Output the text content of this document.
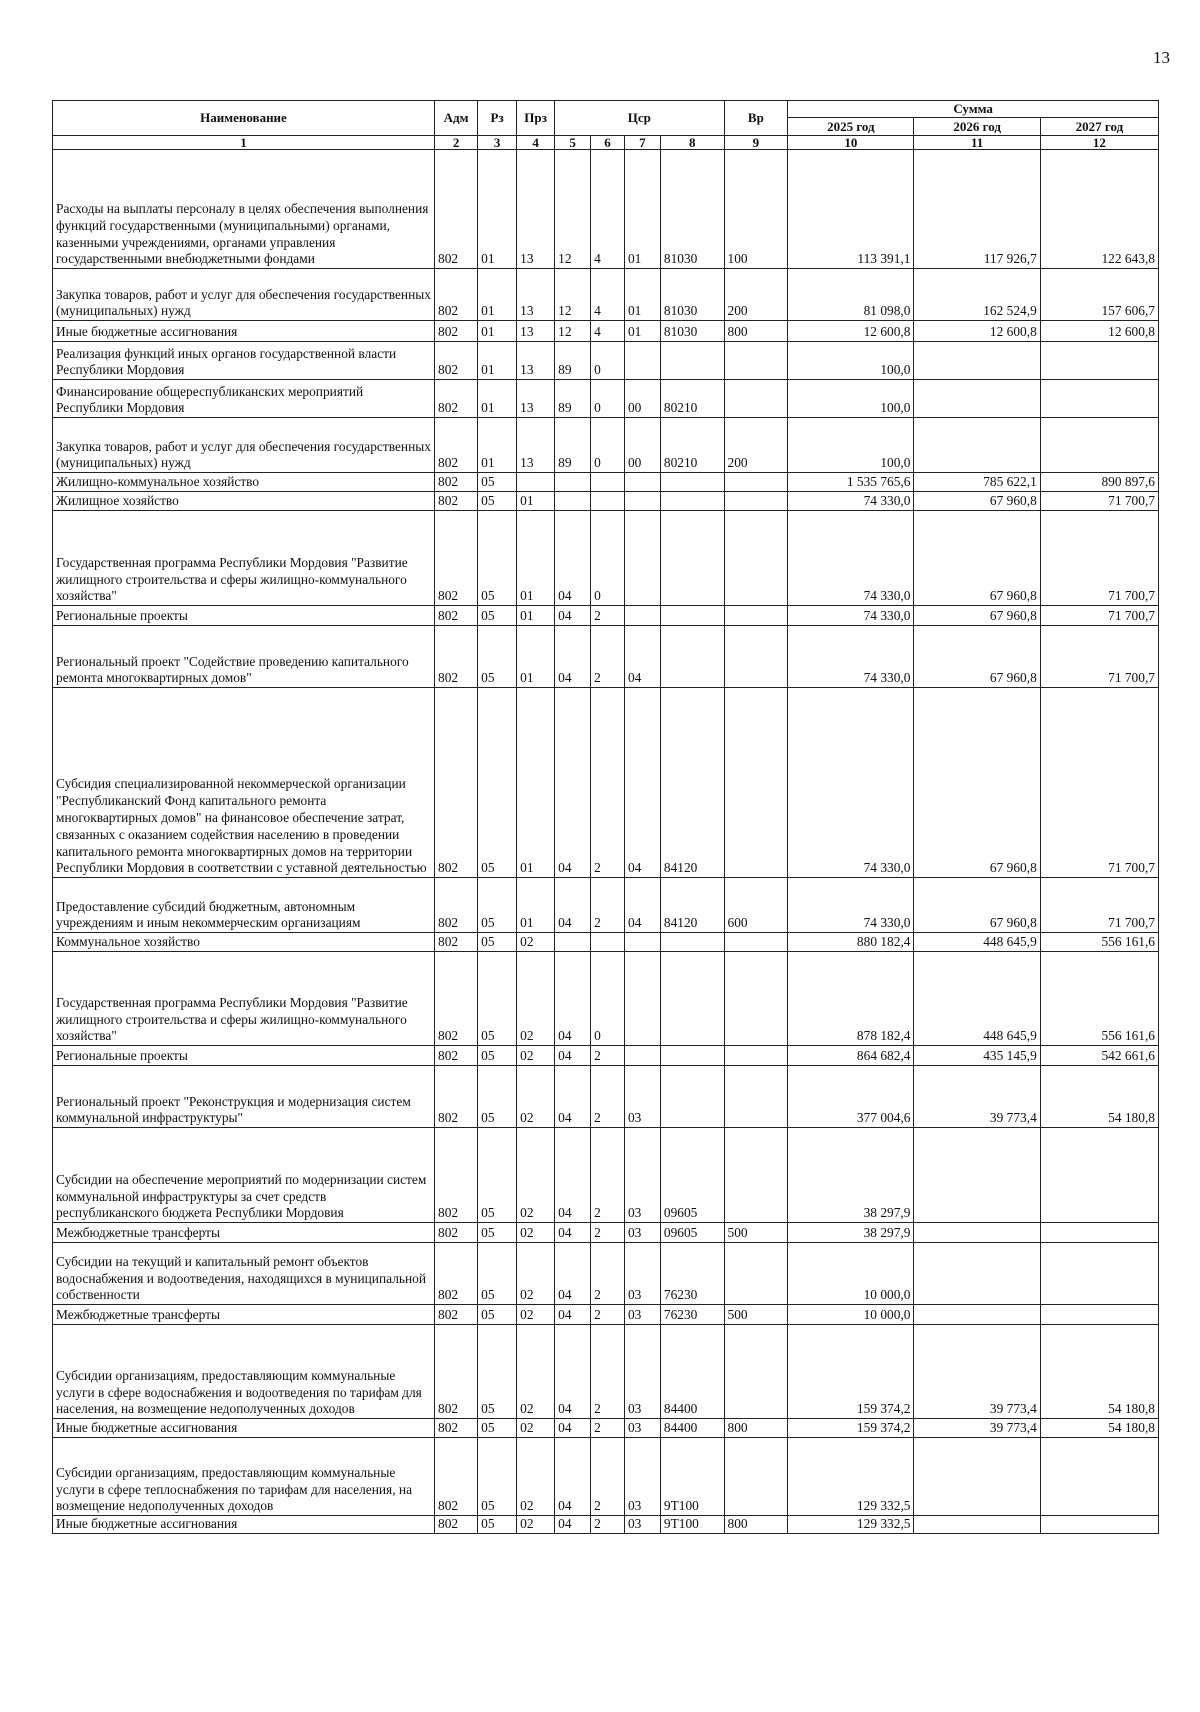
13
Наименование	Адм	Рз	Прз	Цср				Вр	Сумма		
									2025 год	2026 год	2027 год
1	2	3	4	5	6	7	8	9	10	11	12
Расходы на выплаты персоналу в целях обеспечения выполнения функций государственными (муниципальными) органами, казенными учреждениями, органами управления государственными внебюджетными фондами	802	01	13	12	4	01	81030	100	113 391,1	117 926,7	122 643,8
Закупка товаров, работ и услуг для обеспечения государственных (муниципальных) нужд	802	01	13	12	4	01	81030	200	81 098,0	162 524,9	157 606,7
Иные бюджетные ассигнования	802	01	13	12	4	01	81030	800	12 600,8	12 600,8	12 600,8
Реализация функций иных органов государственной власти Республики Мордовия	802	01	13	89	0				100,0		
Финансирование общереспубликанских мероприятий Республики Мордовия	802	01	13	89	0	00	80210		100,0		
Закупка товаров, работ и услуг для обеспечения государственных (муниципальных) нужд	802	01	13	89	0	00	80210	200	100,0		
Жилищно-коммунальное хозяйство	802	05							1 535 765,6	785 622,1	890 897,6
Жилищное хозяйство	802	05	01						74 330,0	67 960,8	71 700,7
Государственная программа Республики Мордовия "Развитие жилищного строительства и сферы жилищно-коммунального хозяйства"	802	05	01	04	0				74 330,0	67 960,8	71 700,7
Региональные проекты	802	05	01	04	2				74 330,0	67 960,8	71 700,7
Региональный проект "Содействие проведению капитального ремонта многоквартирных домов"	802	05	01	04	2	04			74 330,0	67 960,8	71 700,7
Субсидия специализированной некоммерческой организации "Республиканский Фонд капитального ремонта многоквартирных домов" на финансовое обеспечение затрат, связанных с оказанием содействия населению в проведении капитального ремонта многоквартирных домов на территории Республики Мордовия в соответствии с уставной деятельностью	802	05	01	04	2	04	84120		74 330,0	67 960,8	71 700,7
Предоставление субсидий бюджетным, автономным учреждениям и иным некоммерческим организациям	802	05	01	04	2	04	84120	600	74 330,0	67 960,8	71 700,7
Коммунальное хозяйство	802	05	02						880 182,4	448 645,9	556 161,6
Государственная программа Республики Мордовия "Развитие жилищного строительства и сферы жилищно-коммунального хозяйства"	802	05	02	04	0				878 182,4	448 645,9	556 161,6
Региональные проекты	802	05	02	04	2				864 682,4	435 145,9	542 661,6
Региональный проект "Реконструкция и модернизация систем коммунальной инфраструктуры"	802	05	02	04	2	03			377 004,6	39 773,4	54 180,8
Субсидии на обеспечение мероприятий по модернизации систем коммунальной инфраструктуры за счет средств республиканского бюджета Республики Мордовия	802	05	02	04	2	03	09605		38 297,9		
Межбюджетные трансферты	802	05	02	04	2	03	09605	500	38 297,9		
Субсидии на текущий и капитальный ремонт объектов водоснабжения и водоотведения, находящихся в муниципальной собственности	802	05	02	04	2	03	76230		10 000,0		
Межбюджетные трансферты	802	05	02	04	2	03	76230	500	10 000,0		
Субсидии организациям, предоставляющим коммунальные услуги в сфере водоснабжения и водоотведения по тарифам для населения, на возмещение недополученных доходов	802	05	02	04	2	03	84400		159 374,2	39 773,4	54 180,8
Иные бюджетные ассигнования	802	05	02	04	2	03	84400	800	159 374,2	39 773,4	54 180,8
Субсидии организациям, предоставляющим коммунальные услуги в сфере теплоснабжения по тарифам для населения, на возмещение недополученных доходов	802	05	02	04	2	03	9Т100		129 332,5		
Иные бюджетные ассигнования	802	05	02	04	2	03	9Т100	800	129 332,5		
